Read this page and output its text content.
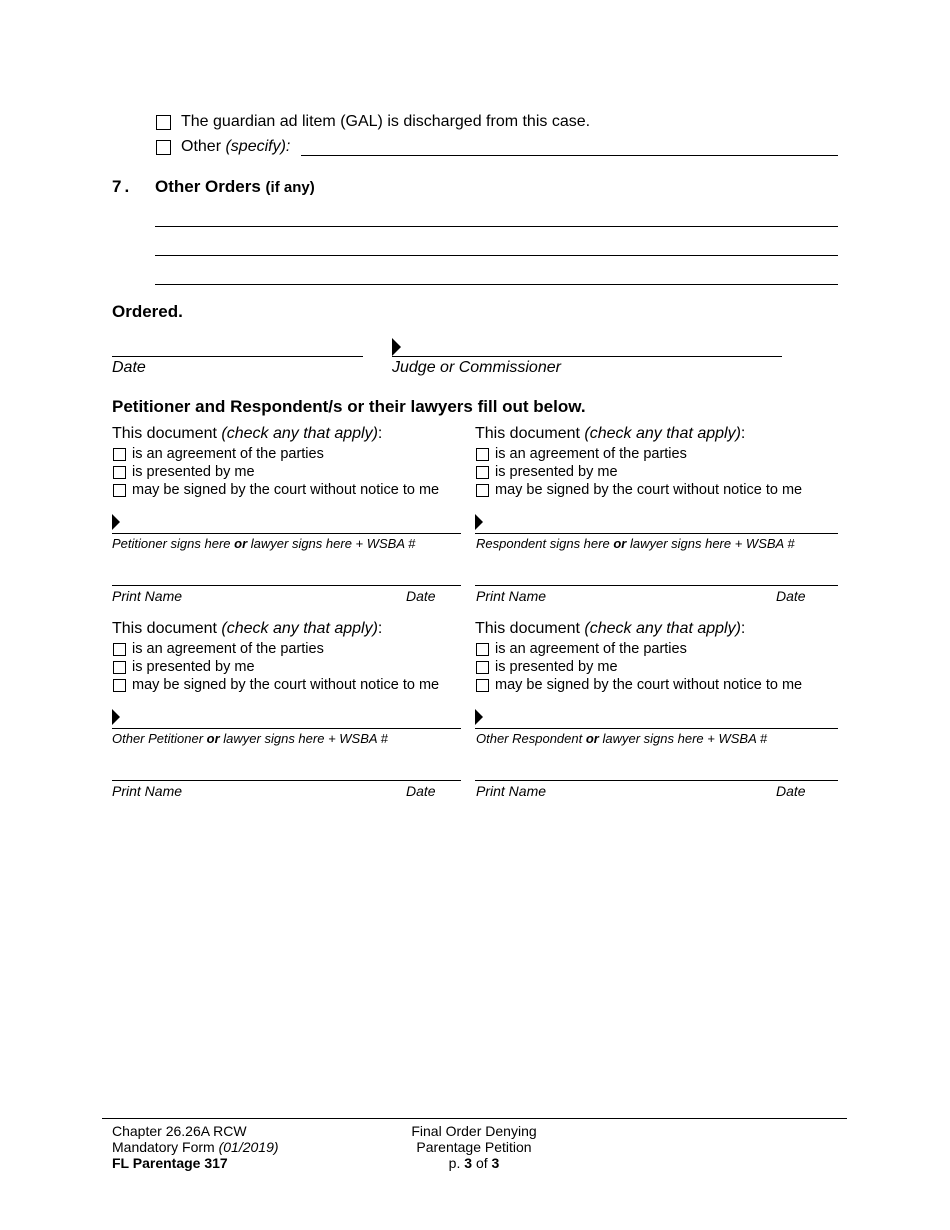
The guardian ad litem (GAL) is discharged from this case.
Other (specify):
7. Other Orders (if any)
Ordered.
Date	Judge or Commissioner
Petitioner and Respondent/s or their lawyers fill out below.
This document (check any that apply):
is an agreement of the parties
is presented by me
may be signed by the court without notice to me
Petitioner signs here or lawyer signs here + WSBA #
Print Name	Date
This document (check any that apply):
is an agreement of the parties
is presented by me
may be signed by the court without notice to me
Respondent signs here or lawyer signs here + WSBA #
Print Name	Date
This document (check any that apply):
is an agreement of the parties
is presented by me
may be signed by the court without notice to me
Other Petitioner or lawyer signs here + WSBA #
Print Name	Date
This document (check any that apply):
is an agreement of the parties
is presented by me
may be signed by the court without notice to me
Other Respondent or lawyer signs here + WSBA #
Print Name	Date
Chapter 26.26A RCW
Mandatory Form (01/2019)
FL Parentage 317
Final Order Denying
Parentage Petition
p. 3 of 3
